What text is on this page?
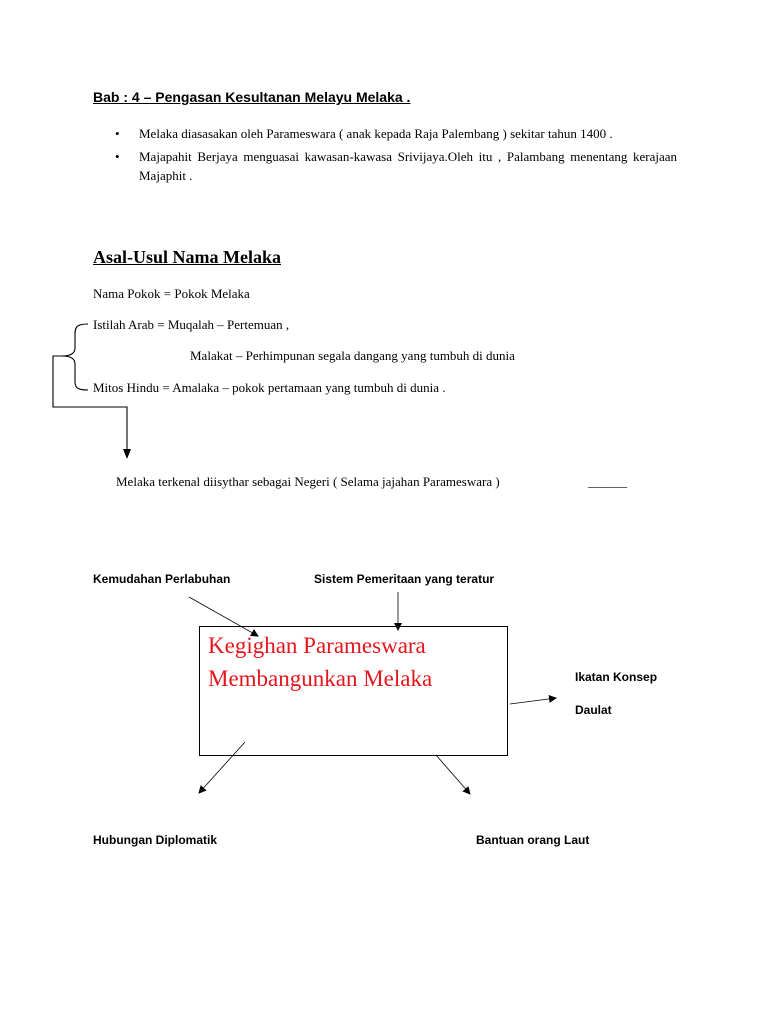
Bab : 4 – Pengasan Kesultanan Melayu Melaka .
• Melaka diasasakan oleh Parameswara ( anak kepada Raja Palembang ) sekitar tahun 1400 .
• Majapahit Berjaya menguasai kawasan-kawasa Srivijaya.Oleh itu , Palambang menentang kerajaan Majaphit .
Asal-Usul Nama Melaka
Nama Pokok = Pokok Melaka
Istilah Arab = Muqalah – Pertemuan ,
Malakat – Perhimpunan segala dangang yang tumbuh di dunia
Mitos Hindu = Amalaka – pokok pertamaan yang tumbuh di dunia .
Melaka terkenal diisythar sebagai Negeri ( Selama jajahan Parameswara )	______
Kemudahan Perlabuhan	Sistem Pemeritaan yang teratur
Ikatan Konsep
Daulat
Hubungan Diplomatik	Bantuan orang Laut
Kegighan Parameswara
Membangunkan Melaka
